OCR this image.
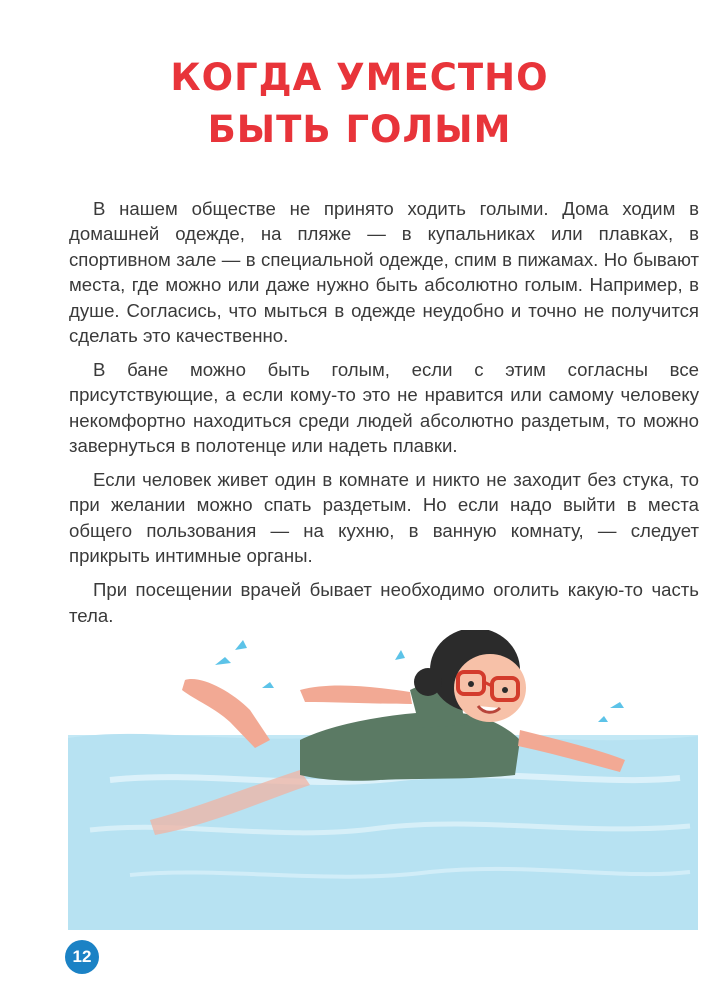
КОГДА УМЕСТНО
БЫТЬ ГОЛЫМ

В нашем обществе не принято ходить голыми. Дома ходим в домашней одежде, на пляже — в купальниках или плавках, в спортивном зале — в специальной одежде, спим в пижамах. Но бывают места, где можно или даже нужно быть абсолютно голым. Например, в душе. Согласись, что мыться в одежде неудобно и точно не получится сделать это качественно.

В бане можно быть голым, если с этим согласны все присутствующие, а если кому-то это не нравится или самому человеку некомфортно находиться среди людей абсолютно раздетым, то можно завернуться в полотенце или надеть плавки.

Если человек живет один в комнате и никто не заходит без стука, то при желании можно спать раздетым. Но если надо выйти в места общего пользования — на кухню, в ванную комнату, — следует прикрыть интимные органы.

При посещении врачей бывает необходимо оголить какую-то часть тела.

12
